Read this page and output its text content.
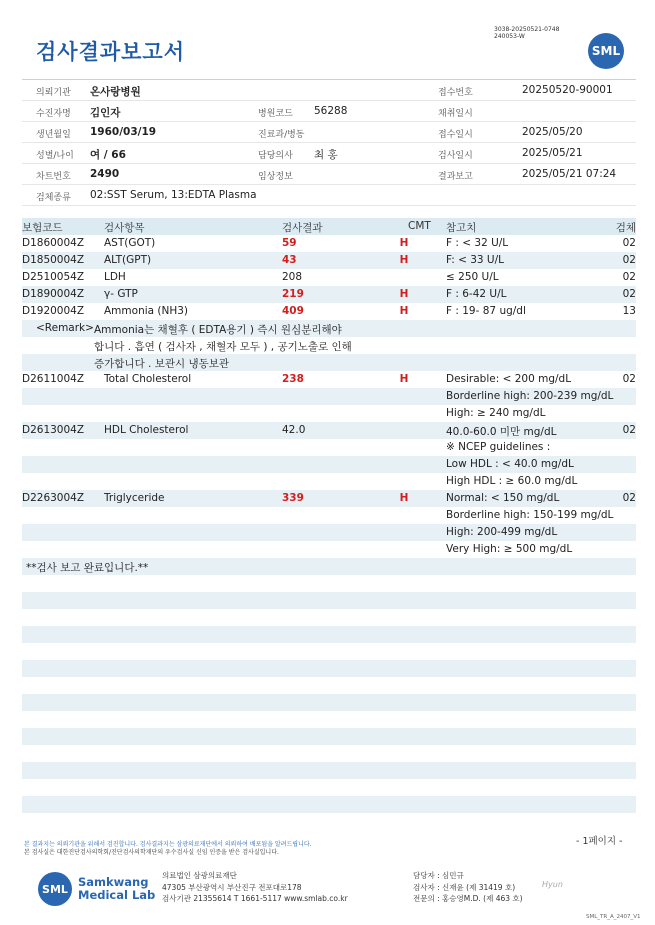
검사결과보고서
3038-20250521-0748
240053-W
SML
의뢰기관 온사랑병원	접수번호	20250520-90001
수진자명 김인자	병원코드 56288	채취일시
생년월일 1960/03/19	진료과/병동	접수일시	2025/05/20
성별/나이 여 / 66	담당의사 최 홍	검사일시	2025/05/21
차트번호 2490	임상정보	결과보고	2025/05/21 07:24
검체종류 02:SST Serum, 13:EDTA Plasma
보험코드	검사항목	검사결과	CMT 참고치	검체
D1860004Z AST(GOT)	59	H	F : < 32 U/L	02
D1850004Z ALT(GPT)	43	H	F: < 33 U/L	02
D2510054Z LDH	208	≤ 250 U/L	02
D1890004Z γ- GTP	219	H	F : 6-42 U/L	02
D1920004Z Ammonia (NH3)	409	H	F : 19- 87 ug/dl	13
<Remark> Ammonia는 채혈후 ( EDTA용기 ) 즉시 원심분리해야
합니다 . 흡연 ( 검사자 , 채혈자 모두 ) , 공기노출로 인해
증가합니다 . 보관시 냉동보관
D2611004Z Total Cholesterol	238	H	Desirable: < 200 mg/dL	02
Borderline high: 200-239 mg/dL
High: ≥ 240 mg/dL
D2613004Z HDL Cholesterol	42.0	40.0-60.0 미만 mg/dL	02
※ NCEP guidelines :
Low HDL : < 40.0 mg/dL
High HDL : ≥ 60.0 mg/dL
D2263004Z Triglyceride	339	H	Normal: < 150 mg/dL	02
Borderline high: 150-199 mg/dL
High: 200-499 mg/dL
Very High: ≥ 500 mg/dL
**검사 보고 완료입니다.**
본 결과지는 의뢰기관을 위해서 검진합니다. 검사결과지는 삼광의료재단에서 의뢰하여 배포됨을 알려드립니다.
본 검사실은 대한진단검사의학회/진단검사의학재단의 우수검사실 신임 인증을 받은 검사실입니다.
- 1페이지 -
SML Samkwang
Medical Lab
의료법인 삼광의료재단
47305 부산광역시 부산진구 전포대로178
검사기관 21355614 T 1661-5117 www.smlab.co.kr
담당자 : 심민규
검사자 : 신재윤 (제 31419 호)
전문의 : 홍승영M.D. (제 463 호)
Hyun
SML_TR_A_2407_V1
